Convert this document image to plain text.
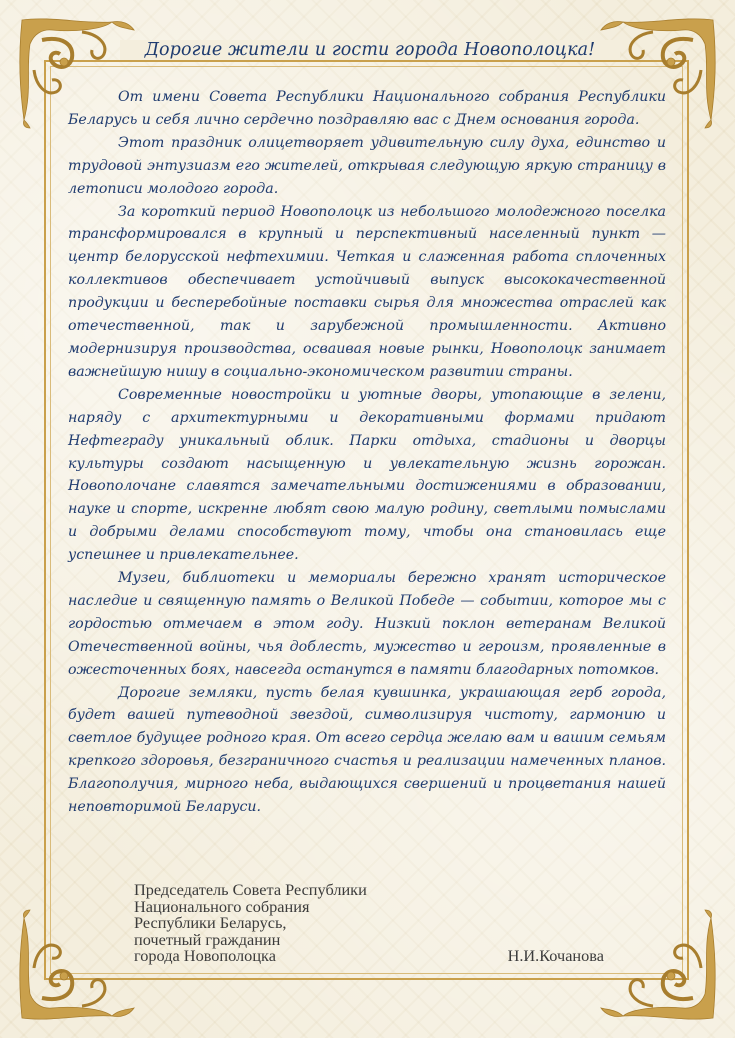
Дорогие жители и гости города Новополоцка!

От имени Совета Республики Национального собрания Республики Беларусь и себя лично сердечно поздравляю вас с Днем основания города.

Этот праздник олицетворяет удивительную силу духа, единство и трудовой энтузиазм его жителей, открывая следующую яркую страницу в летописи молодого города.

За короткий период Новополоцк из небольшого молодежного поселка трансформировался в крупный и перспективный населенный пункт — центр белорусской нефтехимии. Четкая и слаженная работа сплоченных коллективов обеспечивает устойчивый выпуск высококачественной продукции и бесперебойные поставки сырья для множества отраслей как отечественной, так и зарубежной промышленности. Активно модернизируя производства, осваивая новые рынки, Новополоцк занимает важнейшую нишу в социально-экономическом развитии страны.

Современные новостройки и уютные дворы, утопающие в зелени, наряду с архитектурными и декоративными формами придают Нефтеграду уникальный облик. Парки отдыха, стадионы и дворцы культуры создают насыщенную и увлекательную жизнь горожан. Новополочане славятся замечательными достижениями в образовании, науке и спорте, искренне любят свою малую родину, светлыми помыслами и добрыми делами способствуют тому, чтобы она становилась еще успешнее и привлекательнее.

Музеи, библиотеки и мемориалы бережно хранят историческое наследие и священную память о Великой Победе — событии, которое мы с гордостью отмечаем в этом году. Низкий поклон ветеранам Великой Отечественной войны, чья доблесть, мужество и героизм, проявленные в ожесточенных боях, навсегда останутся в памяти благодарных потомков.

Дорогие земляки, пусть белая кувшинка, украшающая герб города, будет вашей путеводной звездой, символизируя чистоту, гармонию и светлое будущее родного края. От всего сердца желаю вам и вашим семьям крепкого здоровья, безграничного счастья и реализации намеченных планов. Благополучия, мирного неба, выдающихся свершений и процветания нашей неповторимой Беларуси.

Председатель Совета Республики
Национального собрания
Республики Беларусь,
почетный гражданин
города Новополоцка	Н.И.Кочанова
